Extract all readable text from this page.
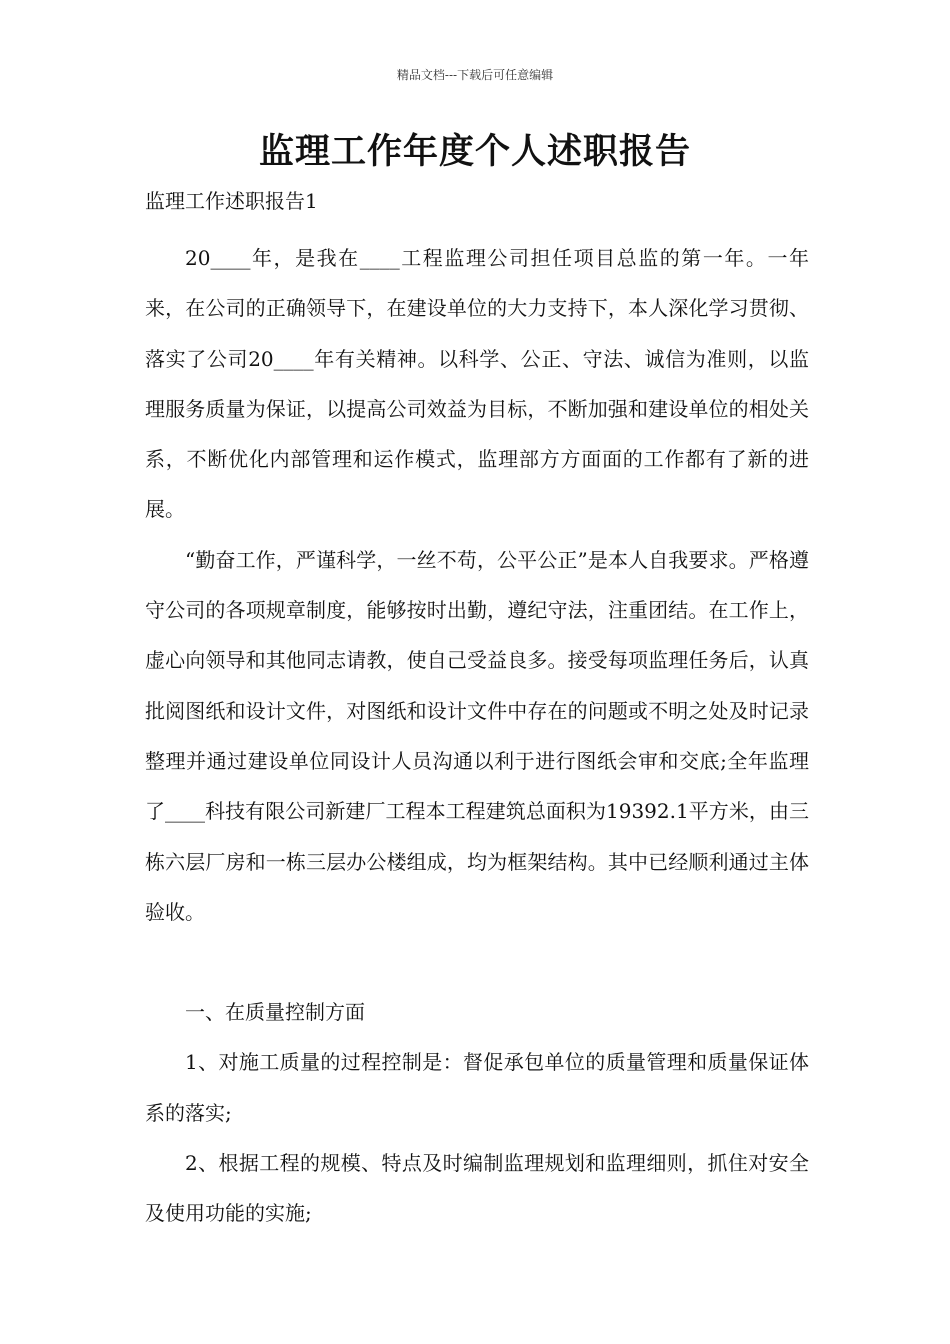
精品文档---下载后可任意编辑
监理工作年度个人述职报告
监理工作述职报告1

20____年，是我在____工程监理公司担任项目总监的第一年。一年来，在公司的正确领导下，在建设单位的大力支持下，本人深化学习贯彻、落实了公司20____年有关精神。以科学、公正、守法、诚信为准则，以监理服务质量为保证，以提高公司效益为目标，不断加强和建设单位的相处关系，不断优化内部管理和运作模式，监理部方方面面的工作都有了新的进展。

“勤奋工作，严谨科学，一丝不苟，公平公正”是本人自我要求。严格遵守公司的各项规章制度，能够按时出勤，遵纪守法，注重团结。在工作上，虚心向领导和其他同志请教，使自己受益良多。接受每项监理任务后，认真批阅图纸和设计文件，对图纸和设计文件中存在的问题或不明之处及时记录整理并通过建设单位同设计人员沟通以利于进行图纸会审和交底;全年监理了____科技有限公司新建厂工程本工程建筑总面积为19392.1平方米，由三栋六层厂房和一栋三层办公楼组成，均为框架结构。其中已经顺利通过主体验收。

一、在质量控制方面

1、对施工质量的过程控制是：督促承包单位的质量管理和质量保证体系的落实;

2、根据工程的规模、特点及时编制监理规划和监理细则，抓住对安全及使用功能的实施;
